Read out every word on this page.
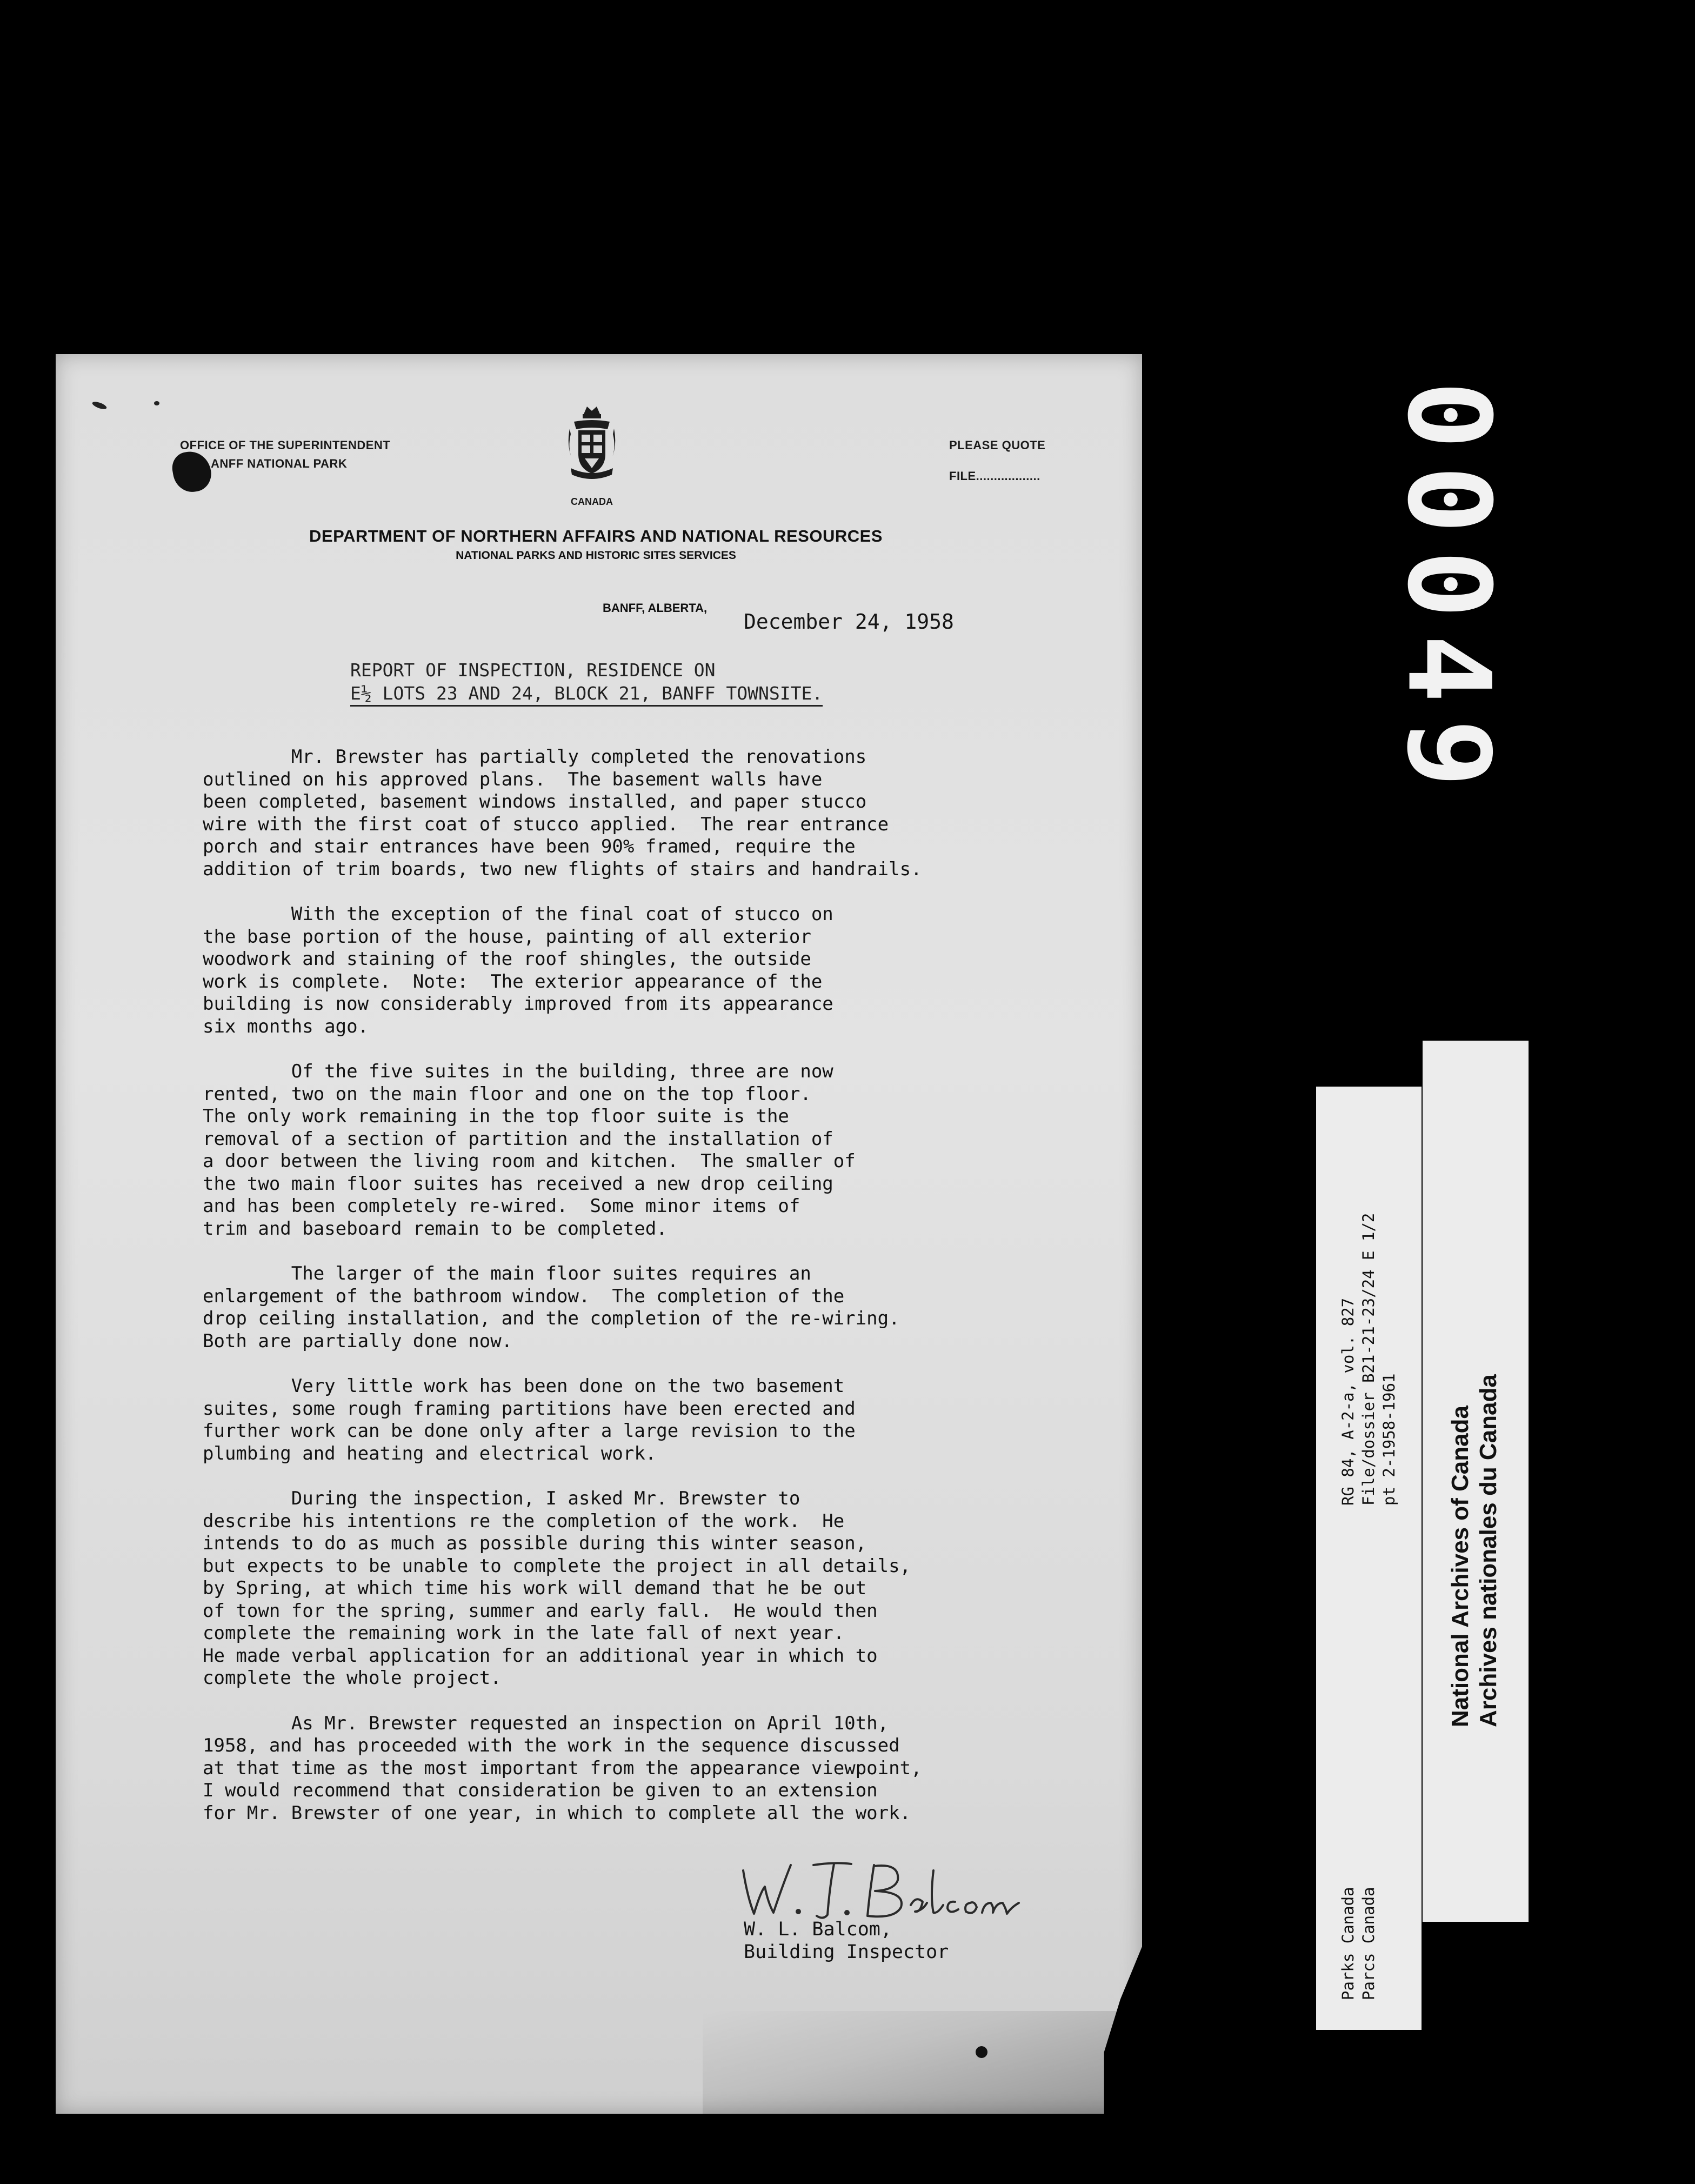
00049
OFFICE OF THE SUPERINTENDENT
ANFF NATIONAL PARK
PLEASE QUOTE
FILE..................
CANADA
DEPARTMENT OF NORTHERN AFFAIRS AND NATIONAL RESOURCES
NATIONAL PARKS AND HISTORIC SITES SERVICES
BANFF, ALBERTA,
December 24, 1958
REPORT OF INSPECTION, RESIDENCE ON
E½ LOTS 23 AND 24, BLOCK 21, BANFF TOWNSITE.

Mr. Brewster has partially completed the renovations
outlined on his approved plans.  The basement walls have
been completed, basement windows installed, and paper stucco
wire with the first coat of stucco applied.  The rear entrance
porch and stair entrances have been 90% framed, require the
addition of trim boards, two new flights of stairs and handrails.

With the exception of the final coat of stucco on
the base portion of the house, painting of all exterior
woodwork and staining of the roof shingles, the outside
work is complete.  Note:  The exterior appearance of the
building is now considerably improved from its appearance
six months ago.

Of the five suites in the building, three are now
rented, two on the main floor and one on the top floor.
The only work remaining in the top floor suite is the
removal of a section of partition and the installation of
a door between the living room and kitchen.  The smaller of
the two main floor suites has received a new drop ceiling
and has been completely re-wired.  Some minor items of
trim and baseboard remain to be completed.

The larger of the main floor suites requires an
enlargement of the bathroom window.  The completion of the
drop ceiling installation, and the completion of the re-wiring.
Both are partially done now.

Very little work has been done on the two basement
suites, some rough framing partitions have been erected and
further work can be done only after a large revision to the
plumbing and heating and electrical work.

During the inspection, I asked Mr. Brewster to
describe his intentions re the completion of the work.  He
intends to do as much as possible during this winter season,
but expects to be unable to complete the project in all details,
by Spring, at which time his work will demand that he be out
of town for the spring, summer and early fall.  He would then
complete the remaining work in the late fall of next year.
He made verbal application for an additional year in which to
complete the whole project.

As Mr. Brewster requested an inspection on April 10th,
1958, and has proceeded with the work in the sequence discussed
at that time as the most important from the appearance viewpoint,
I would recommend that consideration be given to an extension
for Mr. Brewster of one year, in which to complete all the work.

W. L. Balcom,
Building Inspector
RG 84, A-2-a, vol. 827 File/dossier B21-21-23/24 E 1/2 pt 2-1958-1961
Parks Canada Parcs Canada
National Archives of Canada Archives nationales du Canada
